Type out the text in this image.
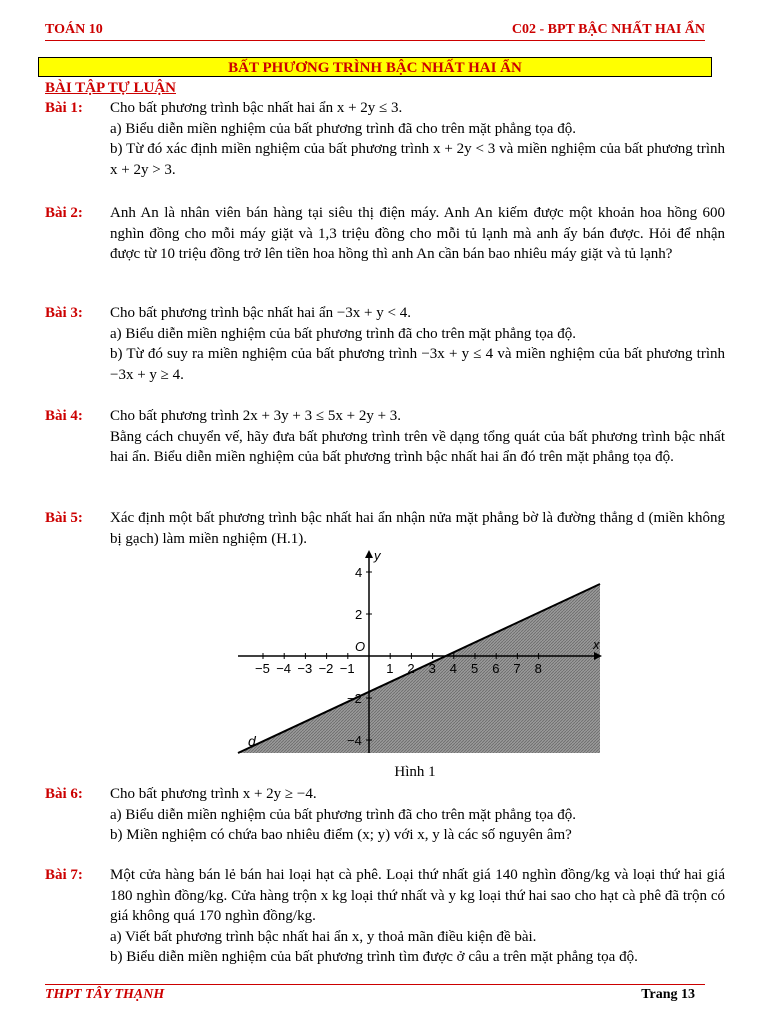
TOÁN 10	C02 - BPT BẬC NHẤT HAI ẨN
BẤT PHƯƠNG TRÌNH BẬC NHẤT HAI ẨN
BÀI TẬP TỰ LUẬN
Bài 1: Cho bất phương trình bậc nhất hai ẩn x + 2y ≤ 3.
a) Biểu diễn miền nghiệm của bất phương trình đã cho trên mặt phẳng tọa độ.
b) Từ đó xác định miền nghiệm của bất phương trình x + 2y < 3 và miền nghiệm của bất phương trình x + 2y > 3.
Bài 2: Anh An là nhân viên bán hàng tại siêu thị điện máy. Anh An kiếm được một khoản hoa hồng 600 nghìn đồng cho mỗi máy giặt và 1,3 triệu đồng cho mỗi tủ lạnh mà anh ấy bán được. Hỏi để nhận được từ 10 triệu đồng trở lên tiền hoa hồng thì anh An cần bán bao nhiêu máy giặt và tủ lạnh?
Bài 3: Cho bất phương trình bậc nhất hai ẩn −3x + y < 4.
a) Biểu diễn miền nghiệm của bất phương trình đã cho trên mặt phẳng tọa độ.
b) Từ đó suy ra miền nghiệm của bất phương trình −3x + y ≤ 4 và miền nghiệm của bất phương trình −3x + y ≥ 4.
Bài 4: Cho bất phương trình 2x + 3y + 3 ≤ 5x + 2y + 3.
Bằng cách chuyển vế, hãy đưa bất phương trình trên về dạng tổng quát của bất phương trình bậc nhất hai ẩn. Biểu diễn miền nghiệm của bất phương trình bậc nhất hai ẩn đó trên mặt phẳng tọa độ.
Bài 5: Xác định một bất phương trình bậc nhất hai ẩn nhận nửa mặt phẳng bờ là đường thẳng d (miền không bị gạch) làm miền nghiệm (H.1).
−5 −4 −3 −2 −1 1 2 3 4 5 6 7 8
4
2
−2
−4
x
y
O
d
Hình 1
Bài 6: Cho bất phương trình x + 2y ≥ −4.
a) Biểu diễn miền nghiệm của bất phương trình đã cho trên mặt phẳng tọa độ.
b) Miền nghiệm có chứa bao nhiêu điểm (x; y) với x, y là các số nguyên âm?
Bài 7: Một cửa hàng bán lẻ bán hai loại hạt cà phê. Loại thứ nhất giá 140 nghìn đồng/kg và loại thứ hai giá 180 nghìn đồng/kg. Cửa hàng trộn x kg loại thứ nhất và y kg loại thứ hai sao cho hạt cà phê đã trộn có giá không quá 170 nghìn đồng/kg.
a) Viết bất phương trình bậc nhất hai ẩn x, y thoả mãn điều kiện đề bài.
b) Biểu diễn miền nghiệm của bất phương trình tìm được ở câu a trên mặt phẳng tọa độ.
THPT TÂY THẠNH	Trang 13
